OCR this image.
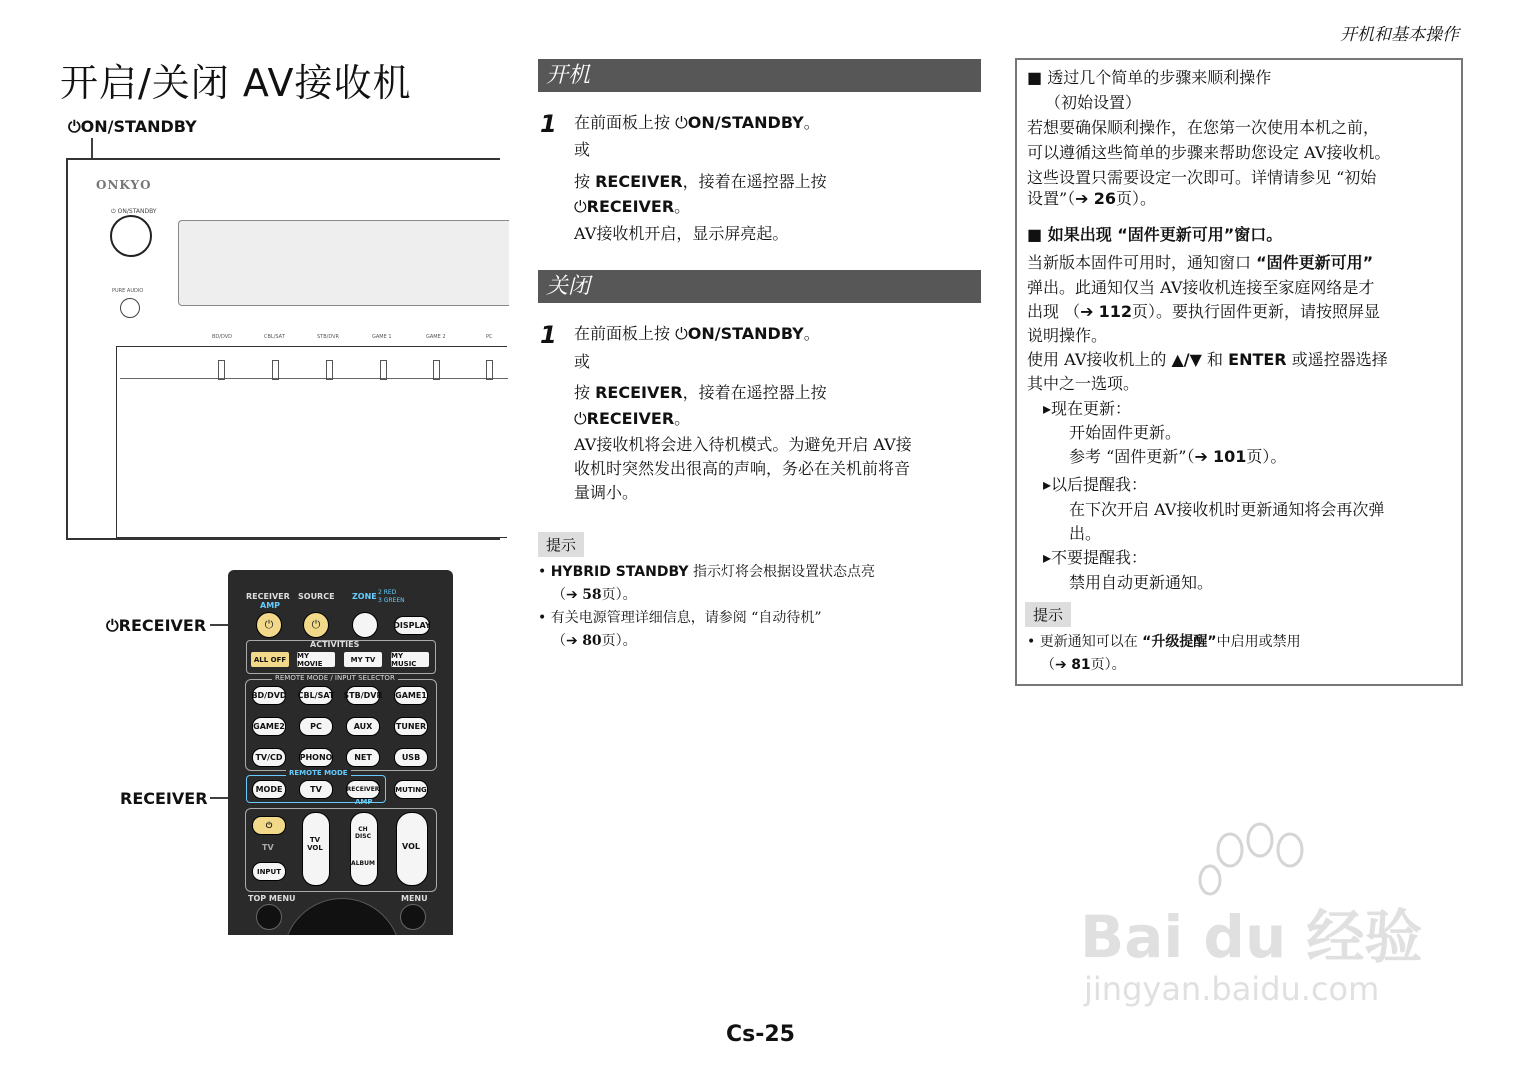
开机和基本操作
开启/关闭 AV接收机
⏻ON/STANDBY
ONKYO
⏻ ON/STANDBY
PURE AUDIO
BD/DVD	CBL/SAT	STB/DVR	GAME 1	GAME 2	PC
⏻RECEIVER
RECEIVER
RECEIVER
AMP
SOURCE ZONE 2 RED
3 GREEN
⏻	⏻	DISPLAY
ACTIVITIES
ALL OFF	MY MOVIE	MY TV	MY MUSIC
REMOTE MODE / INPUT SELECTOR
BD/DVD CBL/SAT STB/DVR GAME1
GAME2	PC	AUX	TUNER
TV/CD	PHONO	NET	USB
REMOTE MODE
MODE	TV	RECEIVER MUTING
AMP
⏻
TV
INPUT
TV VOL
CH DISC
ALBUM
VOL
TOP MENU	MENU
开机
1 在前面板上按 ⏻ON/STANDBY。
或
按 RECEIVER，接着在遥控器上按
⏻RECEIVER。
AV接收机开启，显示屏亮起。
关闭
1 在前面板上按 ⏻ON/STANDBY。
或
按 RECEIVER，接着在遥控器上按
⏻RECEIVER。
AV接收机将会进入待机模式。为避免开启 AV接
收机时突然发出很高的声响，务必在关机前将音
量调小。
提示
• HYBRID STANDBY 指示灯将会根据设置状态点亮
（➔ 58页）。
• 有关电源管理详细信息，请参阅 “自动待机”
（➔ 80页）。
■ 透过几个简单的步骤来顺利操作
（初始设置）
若想要确保顺利操作，在您第一次使用本机之前，
可以遵循这些简单的步骤来帮助您设定 AV接收机。
这些设置只需要设定一次即可。详情请参见 “初始
设置”（➔ 26页）。
■ 如果出现 “固件更新可用”窗口。
当新版本固件可用时，通知窗口 “固件更新可用”
弹出。此通知仅当 AV接收机连接至家庭网络是才
出现 （➔ 112页）。要执行固件更新，请按照屏显
说明操作。
使用 AV接收机上的 ▲/▼ 和 ENTER 或遥控器选择
其中之一选项。
▸现在更新：
开始固件更新。
参考 “固件更新”（➔ 101页）。
▸以后提醒我：
在下次开启 AV接收机时更新通知将会再次弹
出。
▸不要提醒我：
禁用自动更新通知。
提示
• 更新通知可以在 “升级提醒”中启用或禁用
（➔ 81页）。
Bai du 经验
jingyan.baidu.com
Cs-25
